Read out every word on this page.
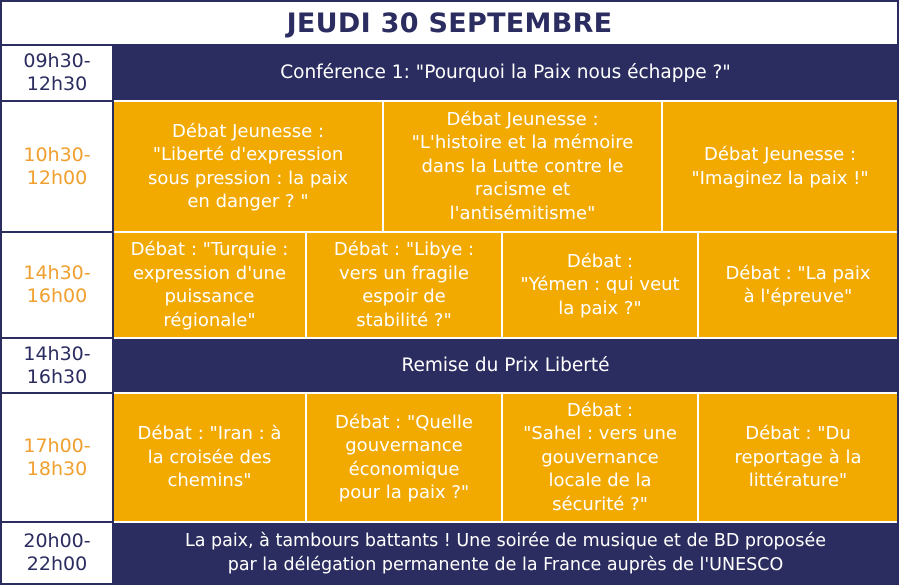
JEUDI 30 SEPTEMBRE
09h30-
12h30
Conférence 1: "Pourquoi la Paix nous échappe ?"
10h30-
12h00
Débat Jeunesse :
"Liberté d'expression
sous pression : la paix
en danger ? "
Débat Jeunesse :
"L'histoire et la mémoire
dans la Lutte contre le
racisme et
l'antisémitisme"
Débat Jeunesse :
"Imaginez la paix !"
14h30-
16h00
Débat : "Turquie :
expression d'une
puissance
régionale"
Débat : "Libye :
vers un fragile
espoir de
stabilité ?"
Débat :
"Yémen : qui veut
la paix ?"
Débat : "La paix
à l'épreuve"
14h30-
16h30
Remise du Prix Liberté
17h00-
18h30
Débat : "Iran : à
la croisée des
chemins"
Débat : "Quelle
gouvernance
économique
pour la paix ?"
Débat :
"Sahel : vers une
gouvernance
locale de la
sécurité ?"
Débat : "Du
reportage à la
littérature"
20h00-
22h00
La paix, à tambours battants ! Une soirée de musique et de BD proposée
par la délégation permanente de la France auprès de l'UNESCO
